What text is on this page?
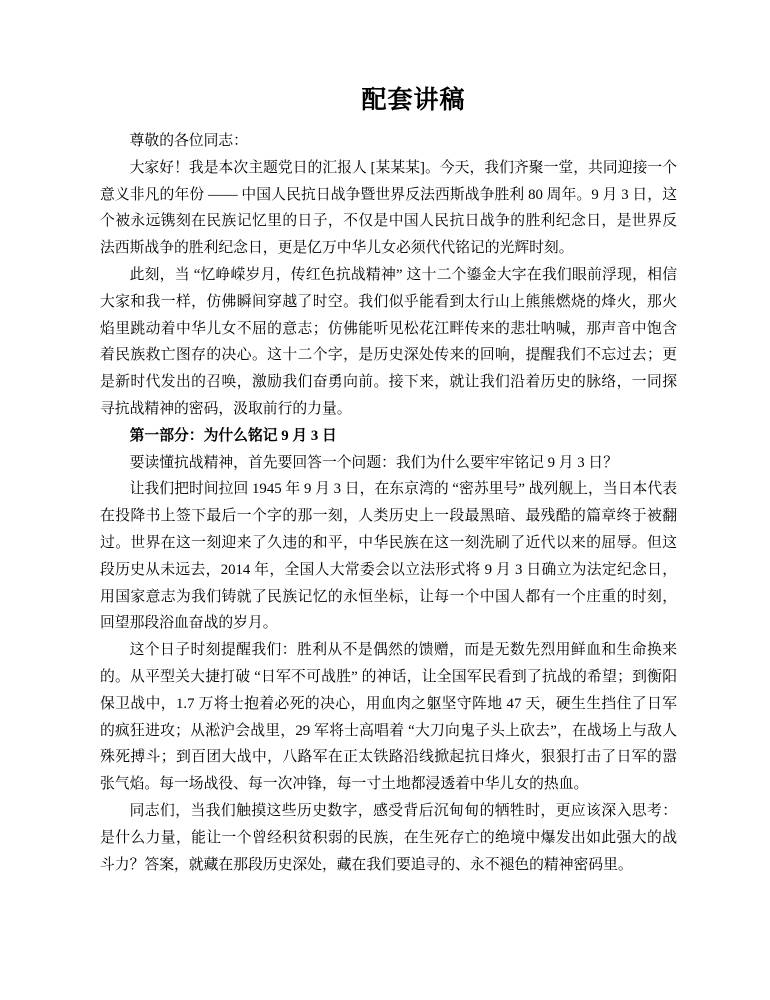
配套讲稿

尊敬的各位同志：

大家好！我是本次主题党日的汇报人 [某某某]。今天，我们齐聚一堂，共同迎接一个意义非凡的年份 —— 中国人民抗日战争暨世界反法西斯战争胜利 80 周年。9 月 3 日，这个被永远镌刻在民族记忆里的日子，不仅是中国人民抗日战争的胜利纪念日，是世界反法西斯战争的胜利纪念日，更是亿万中华儿女必须代代铭记的光辉时刻。

此刻，当 “忆峥嵘岁月，传红色抗战精神” 这十二个鎏金大字在我们眼前浮现，相信大家和我一样，仿佛瞬间穿越了时空。我们似乎能看到太行山上熊熊燃烧的烽火，那火焰里跳动着中华儿女不屈的意志；仿佛能听见松花江畔传来的悲壮呐喊，那声音中饱含着民族救亡图存的决心。这十二个字，是历史深处传来的回响，提醒我们不忘过去；更是新时代发出的召唤，激励我们奋勇向前。接下来，就让我们沿着历史的脉络，一同探寻抗战精神的密码，汲取前行的力量。

第一部分：为什么铭记 9 月 3 日

要读懂抗战精神，首先要回答一个问题：我们为什么要牢牢铭记 9 月 3 日？

让我们把时间拉回 1945 年 9 月 3 日，在东京湾的 “密苏里号” 战列舰上，当日本代表在投降书上签下最后一个字的那一刻，人类历史上一段最黑暗、最残酷的篇章终于被翻过。世界在这一刻迎来了久违的和平，中华民族在这一刻洗刷了近代以来的屈辱。但这段历史从未远去，2014 年，全国人大常委会以立法形式将 9 月 3 日确立为法定纪念日，用国家意志为我们铸就了民族记忆的永恒坐标，让每一个中国人都有一个庄重的时刻，回望那段浴血奋战的岁月。

这个日子时刻提醒我们：胜利从不是偶然的馈赠，而是无数先烈用鲜血和生命换来的。从平型关大捷打破 “日军不可战胜” 的神话，让全国军民看到了抗战的希望；到衡阳保卫战中，1.7 万将士抱着必死的决心，用血肉之躯坚守阵地 47 天，硬生生挡住了日军的疯狂进攻；从淞沪会战里，29 军将士高唱着 “大刀向鬼子头上砍去”，在战场上与敌人殊死搏斗；到百团大战中，八路军在正太铁路沿线掀起抗日烽火，狠狠打击了日军的嚣张气焰。每一场战役、每一次冲锋，每一寸土地都浸透着中华儿女的热血。

同志们，当我们触摸这些历史数字，感受背后沉甸甸的牺牲时，更应该深入思考：是什么力量，能让一个曾经积贫积弱的民族，在生死存亡的绝境中爆发出如此强大的战斗力？答案，就藏在那段历史深处，藏在我们要追寻的、永不褪色的精神密码里。
